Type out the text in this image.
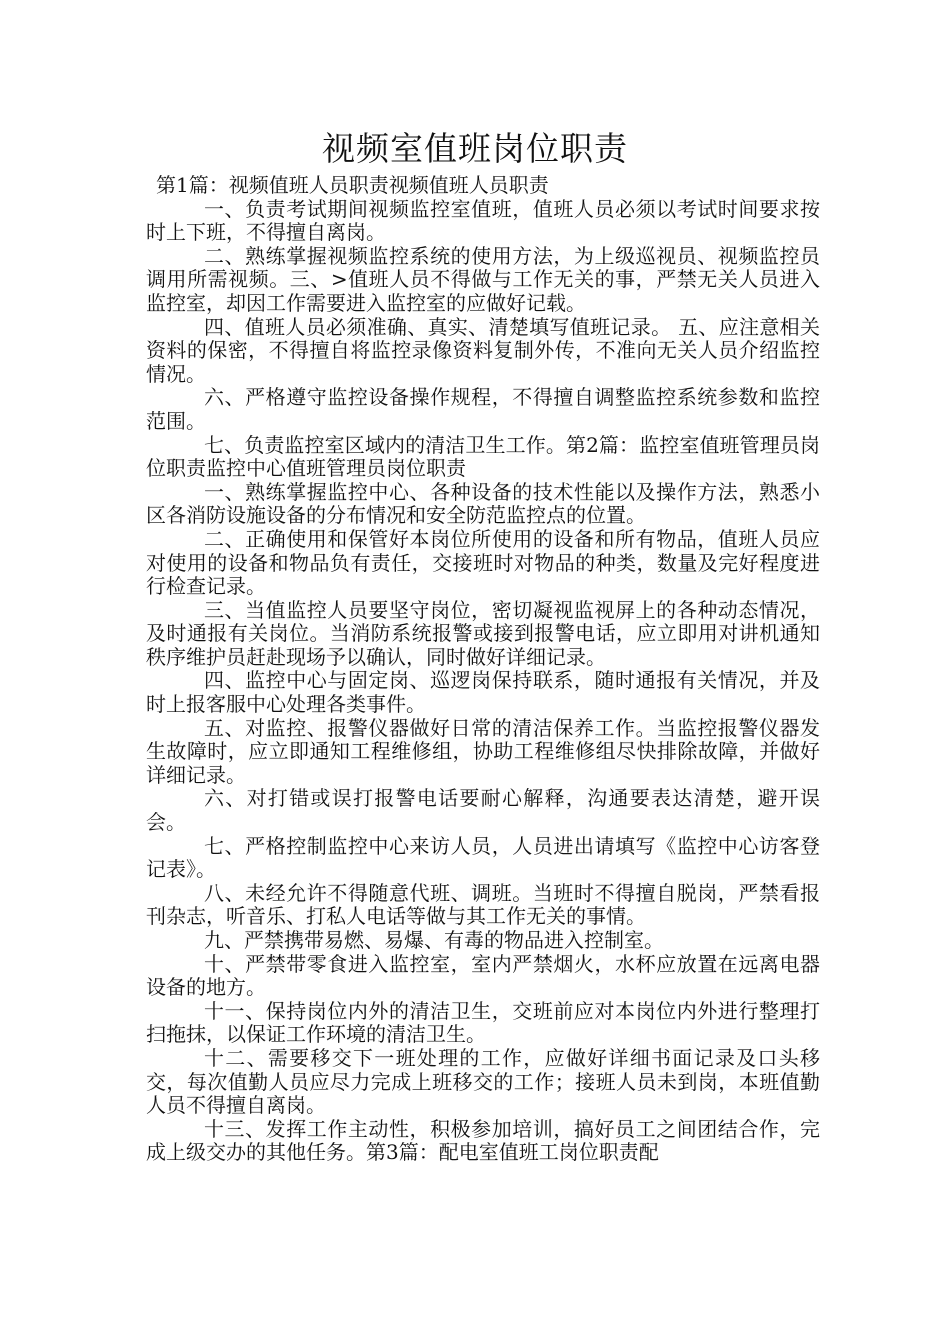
视频室值班岗位职责

第1篇：视频值班人员职责视频值班人员职责

一、负责考试期间视频监控室值班，值班人员必须以考试时间要求按时上下班，不得擅自离岗。

二、熟练掌握视频监控系统的使用方法，为上级巡视员、视频监控员调用所需视频。三、>值班人员不得做与工作无关的事，严禁无关人员进入监控室，却因工作需要进入监控室的应做好记载。

四、值班人员必须准确、真实、清楚填写值班记录。 五、应注意相关资料的保密，不得擅自将监控录像资料复制外传，不准向无关人员介绍监控情况。

六、严格遵守监控设备操作规程，不得擅自调整监控系统参数和监控范围。

七、负责监控室区域内的清洁卫生工作。第2篇：监控室值班管理员岗位职责监控中心值班管理员岗位职责

一、熟练掌握监控中心、各种设备的技术性能以及操作方法，熟悉小区各消防设施设备的分布情况和安全防范监控点的位置。

二、正确使用和保管好本岗位所使用的设备和所有物品，值班人员应对使用的设备和物品负有责任，交接班时对物品的种类，数量及完好程度进行检查记录。

三、当值监控人员要坚守岗位，密切凝视监视屏上的各种动态情况，及时通报有关岗位。当消防系统报警或接到报警电话，应立即用对讲机通知秩序维护员赶赴现场予以确认，同时做好详细记录。

四、监控中心与固定岗、巡逻岗保持联系，随时通报有关情况，并及时上报客服中心处理各类事件。

五、对监控、报警仪器做好日常的清洁保养工作。当监控报警仪器发生故障时，应立即通知工程维修组，协助工程维修组尽快排除故障，并做好详细记录。

六、对打错或误打报警电话要耐心解释，沟通要表达清楚，避开误会。

七、严格控制监控中心来访人员，人员进出请填写《监控中心访客登记表》。

八、未经允许不得随意代班、调班。当班时不得擅自脱岗，严禁看报刊杂志，听音乐、打私人电话等做与其工作无关的事情。

九、严禁携带易燃、易爆、有毒的物品进入控制室。

十、严禁带零食进入监控室，室内严禁烟火，水杯应放置在远离电器设备的地方。

十一、保持岗位内外的清洁卫生，交班前应对本岗位内外进行整理打扫拖抹，以保证工作环境的清洁卫生。

十二、需要移交下一班处理的工作，应做好详细书面记录及口头移交，每次值勤人员应尽力完成上班移交的工作；接班人员未到岗，本班值勤人员不得擅自离岗。

十三、发挥工作主动性，积极参加培训，搞好员工之间团结合作，完成上级交办的其他任务。第3篇：配电室值班工岗位职责配
